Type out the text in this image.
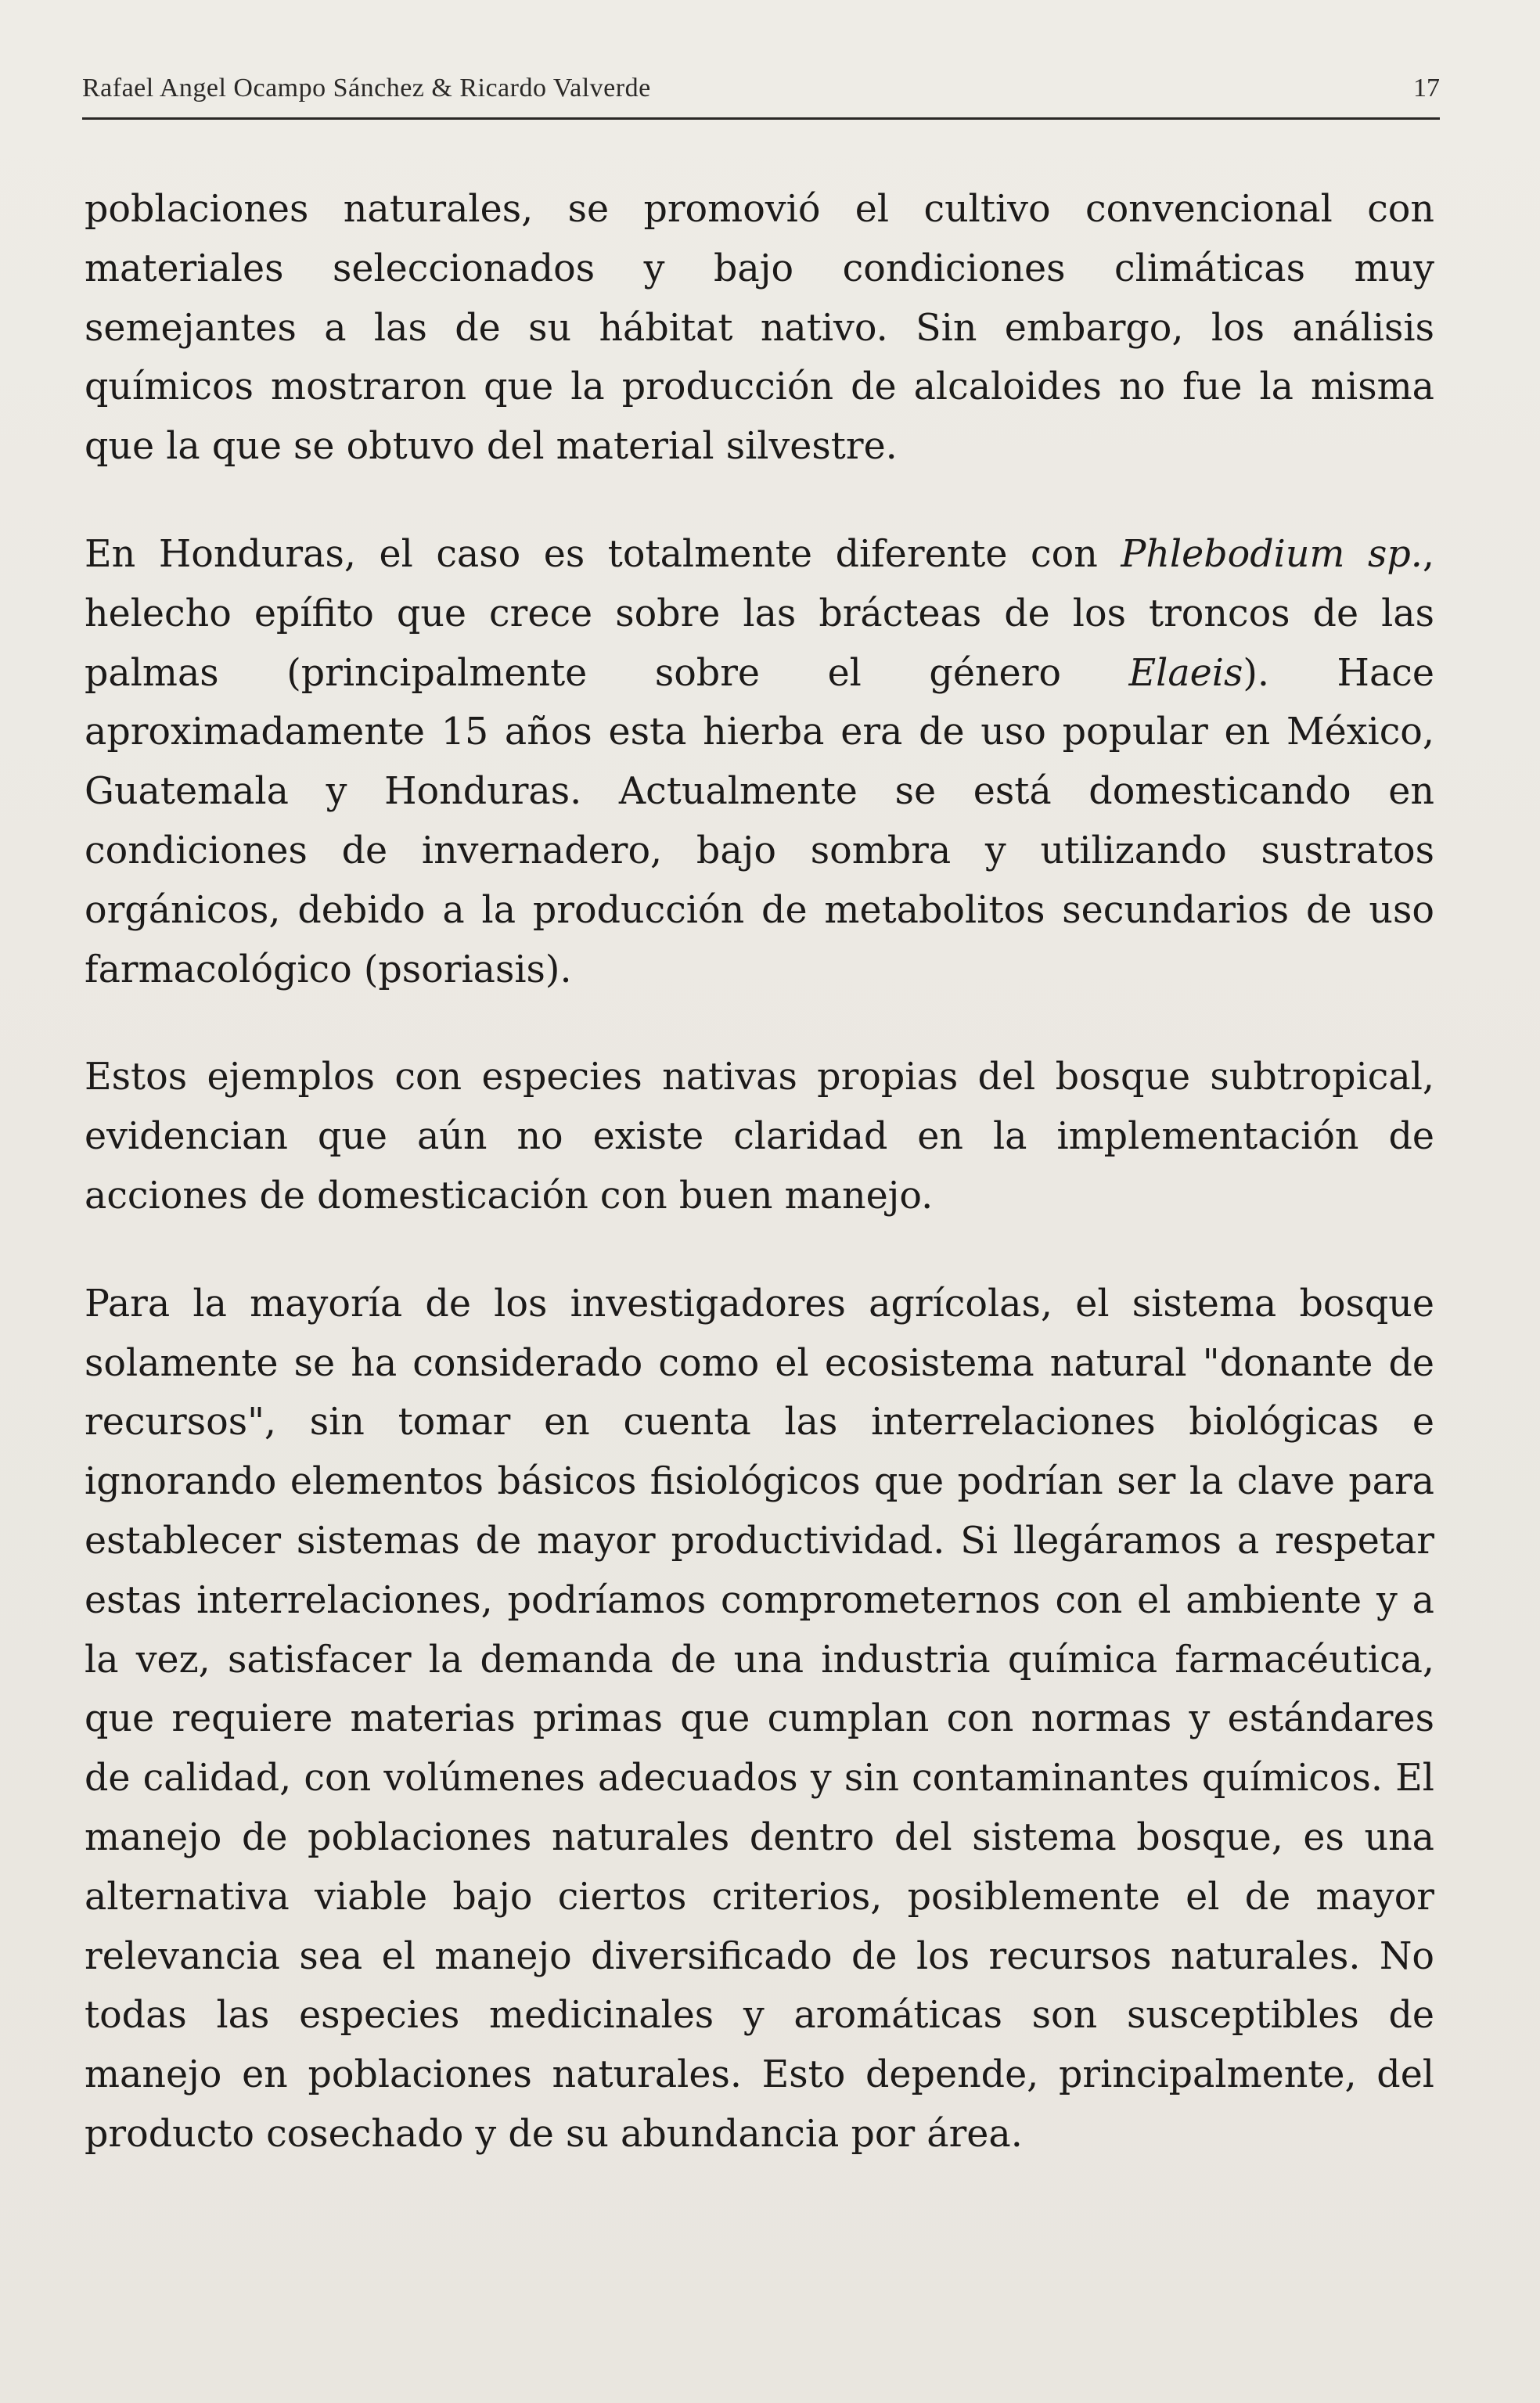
Rafael Angel Ocampo Sánchez & Ricardo Valverde	17

poblaciones naturales, se promovió el cultivo convencional con materiales seleccionados y bajo condiciones climáticas muy semejantes a las de su hábitat nativo. Sin embargo, los análisis químicos mostraron que la producción de alcaloides no fue la misma que la que se obtuvo del material silvestre.

En Honduras, el caso es totalmente diferente con Phlebodium sp., helecho epífito que crece sobre las brácteas de los troncos de las palmas (principalmente sobre el género Elaeis). Hace aproximadamente 15 años esta hierba era de uso popular en México, Guatemala y Honduras. Actualmente se está domesticando en condiciones de invernadero, bajo sombra y utilizando sustratos orgánicos, debido a la producción de metabolitos secundarios de uso farmacológico (psoriasis).

Estos ejemplos con especies nativas propias del bosque subtropical, evidencian que aún no existe claridad en la implementación de acciones de domesticación con buen manejo.

Para la mayoría de los investigadores agrícolas, el sistema bosque solamente se ha considerado como el ecosistema natural "donante de recursos", sin tomar en cuenta las interrelaciones biológicas e ignorando elementos básicos fisiológicos que podrían ser la clave para establecer sistemas de mayor productividad. Si llegáramos a respetar estas interrelaciones, podríamos comprometernos con el ambiente y a la vez, satisfacer la demanda de una industria química farmacéutica, que requiere materias primas que cumplan con normas y estándares de calidad, con volúmenes adecuados y sin contaminantes químicos. El manejo de poblaciones naturales dentro del sistema bosque, es una alternativa viable bajo ciertos criterios, posiblemente el de mayor relevancia sea el manejo diversificado de los recursos naturales. No todas las especies medicinales y aromáticas son susceptibles de manejo en poblaciones naturales. Esto depende, principalmente, del producto cosechado y de su abundancia por área.
